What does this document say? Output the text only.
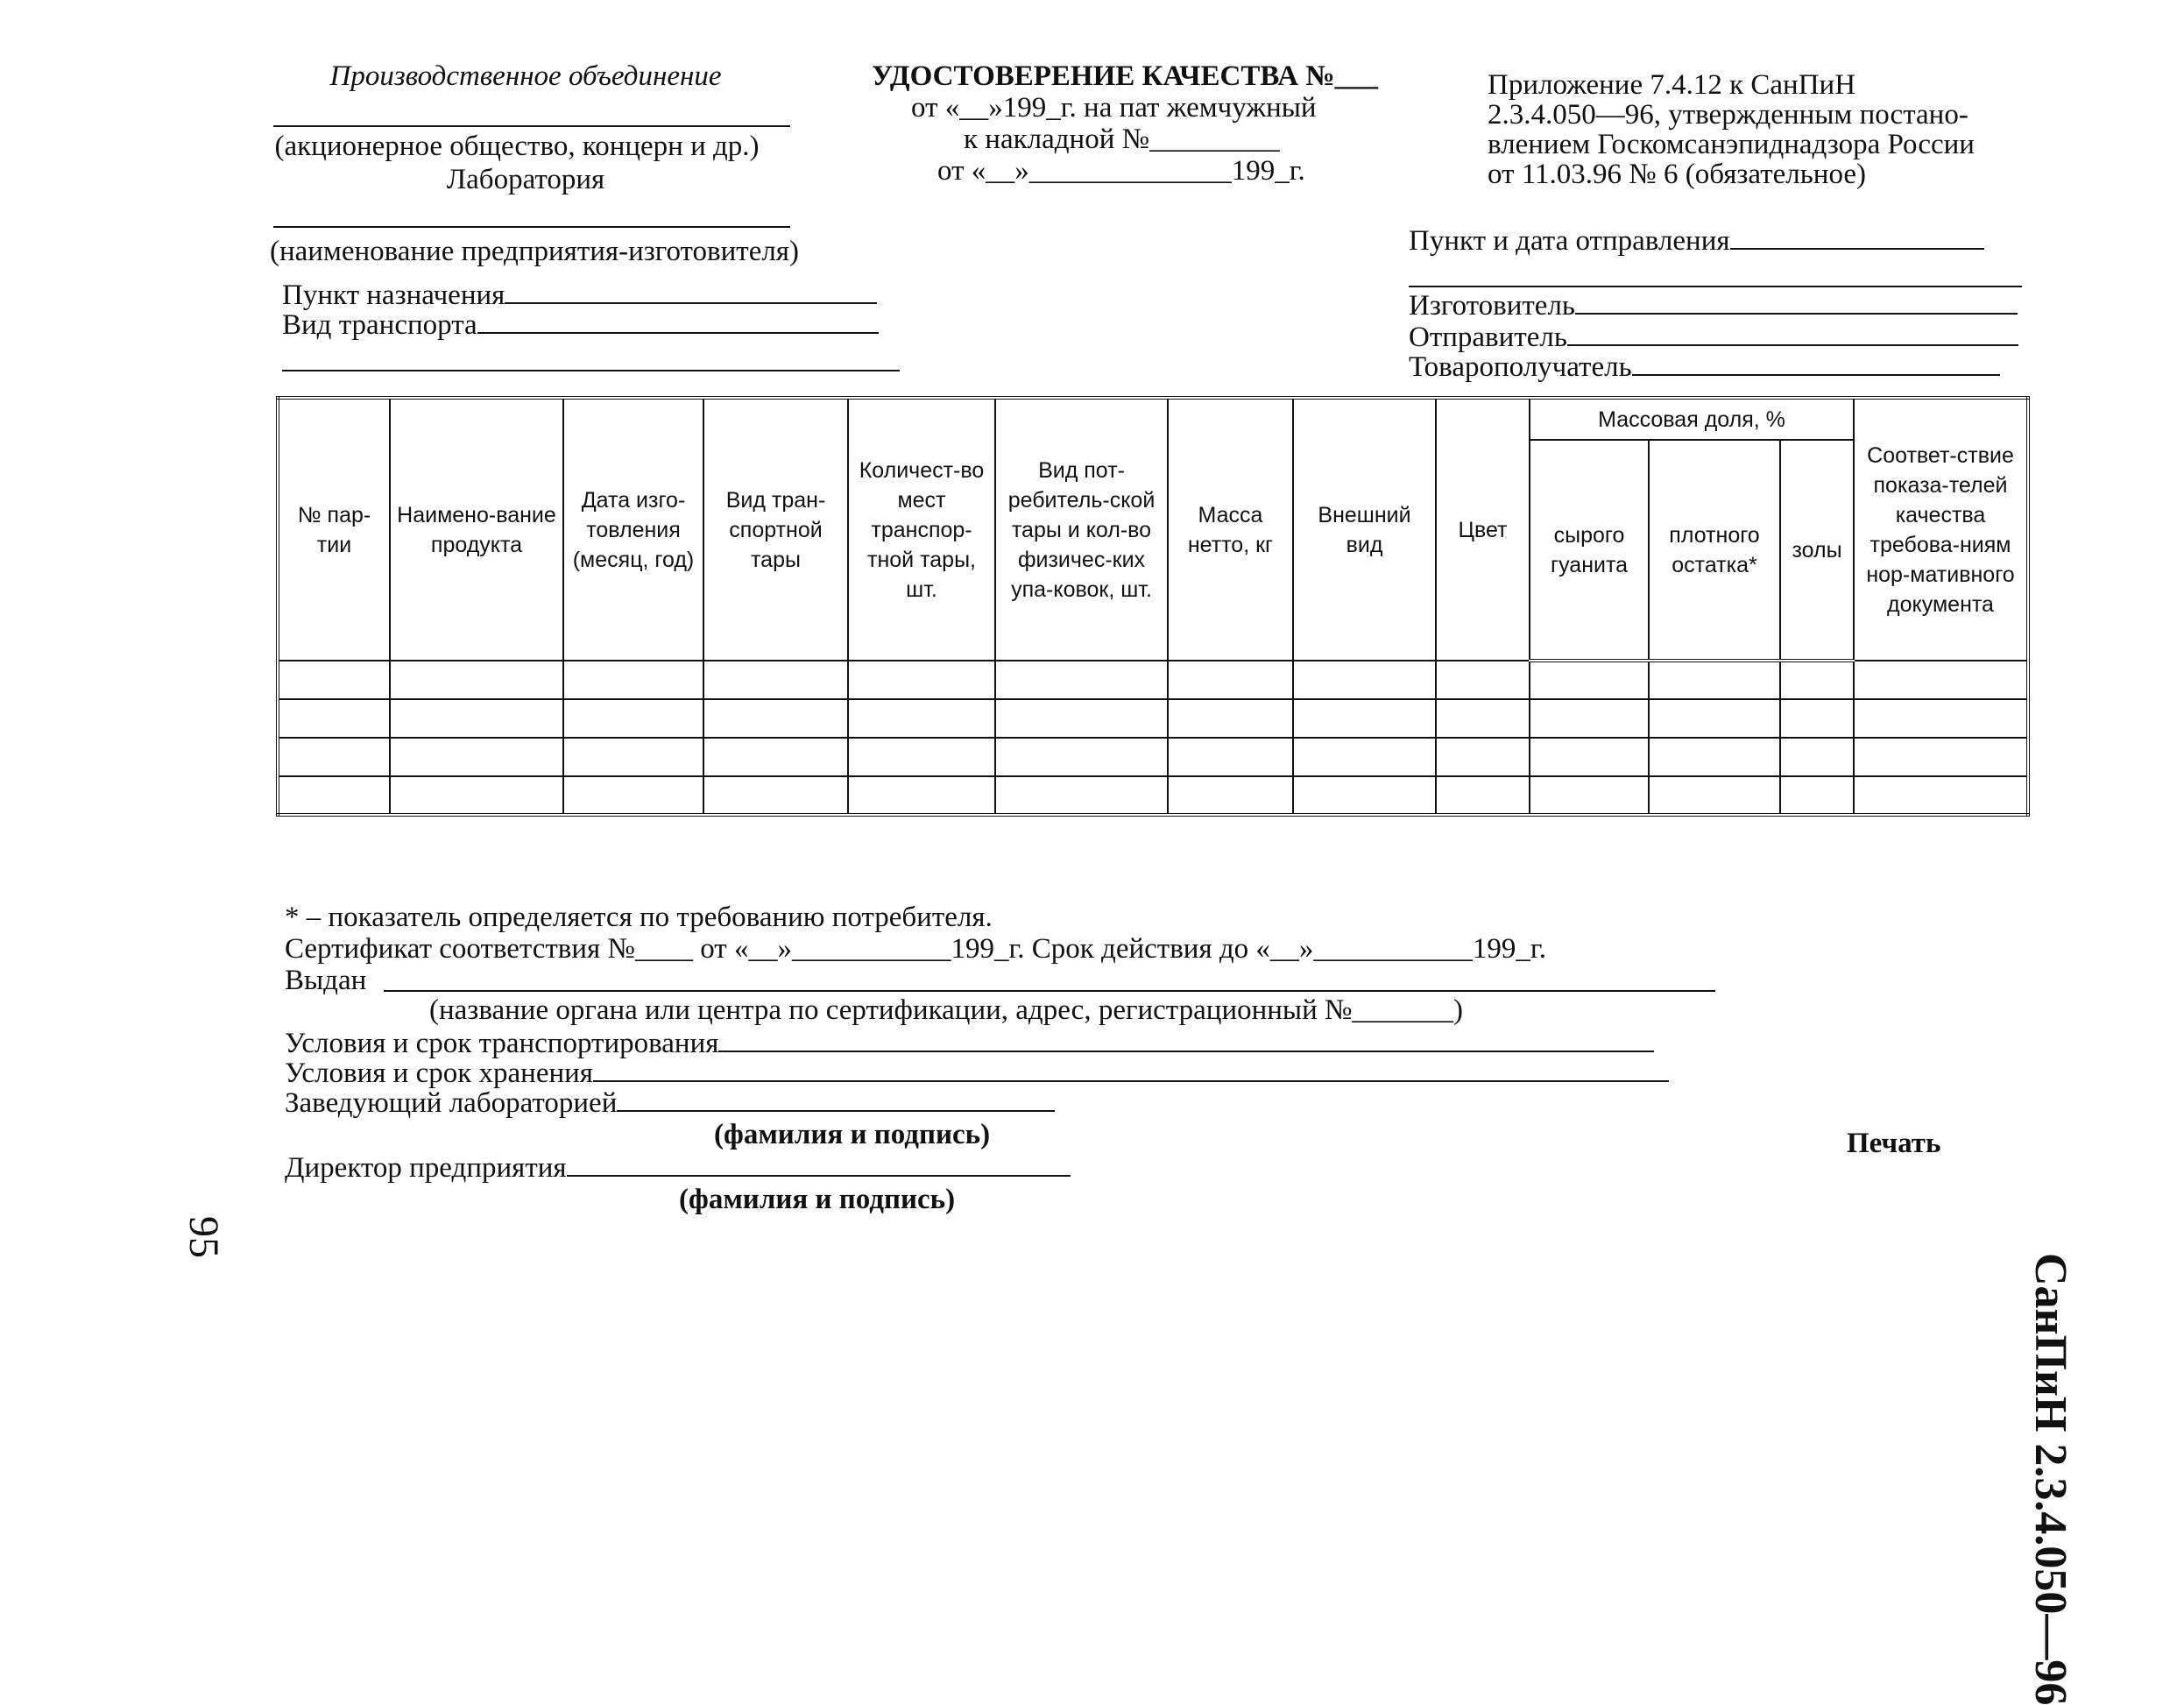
Производственное объединение
(акционерное общество, концерн и др.)
Лаборатория
(наименование предприятия-изготовителя)
Пункт назначения
Вид транспорта
УДОСТОВЕРЕНИЕ КАЧЕСТВА №___
от «__»199_г. на пат жемчужный
к накладной №_________
от «__»______________199_г.
Приложение 7.4.12 к СанПиН
2.3.4.050—96, утвержденным постано-
влением Госкомсанэпиднадзора России
от 11.03.96 № 6 (обязательное)
Пункт и дата отправления
Изготовитель
Отправитель
Товарополучатель
№ пар-тии	Наимено-вание продукта	Дата изго-товления (месяц, год)	Вид тран-спортной тары	Количест-во мест транспор-тной тары, шт.	Вид пот-ребитель-ской тары и кол-во физичес-ких упа-ковок, шт.	Масса нетто, кг	Внешний вид	Цвет	Массовая доля, %			Соответ-ствие показа-телей качества требова-ниям нор-мативного документа
									сырого гуанита	плотного остатка*	золы	

* – показатель определяется по требованию потребителя.
Сертификат соответствия №____ от «__»___________199_г. Срок действия до «__»___________199_г.
Выдан
(название органа или центра по сертификации, адрес, регистрационный №_______)
Условия и срок транспортирования
Условия и срок хранения
Заведующий лабораторией
(фамилия и подпись)
Директор предприятия
(фамилия и подпись)
Печать
СанПиН 2.3.4.050—96
95
